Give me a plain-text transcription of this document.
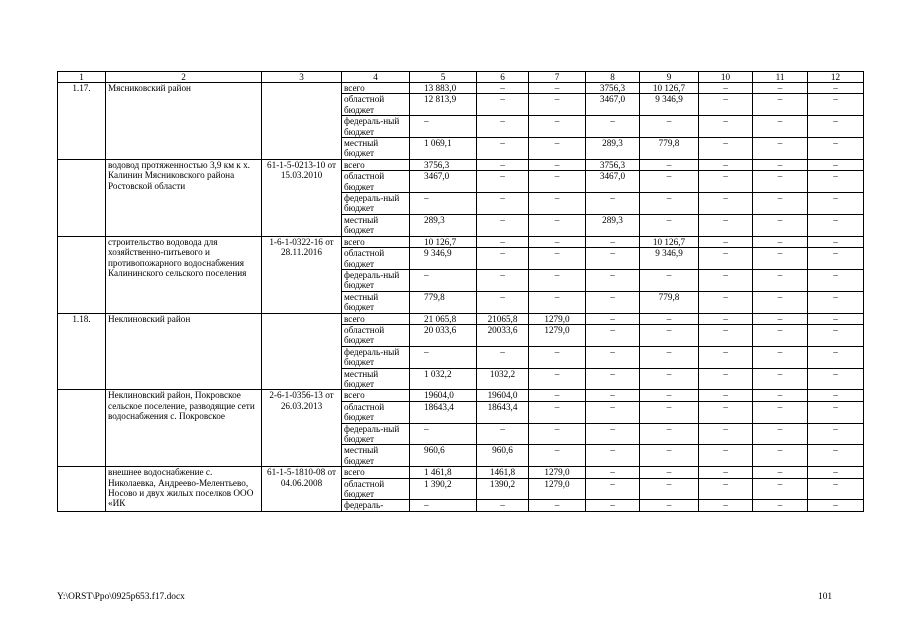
1	2	3	4	5	6	7	8	9	10	11	12
1.17.	Мясниковский район		всего	13 883,0	–	–	3756,3	10 126,7	–	–	–
			областной бюджет	12 813,9	–	–	3467,0	9 346,9	–	–	–
			федераль-ный бюджет	–	–	–	–	–	–	–	–
			местный бюджет	1 069,1	–	–	289,3	779,8	–	–	–
	водовод протяженностью 3,9 км к х. Калинин Мясниковского района Ростовской области	61-1-5-0213-10 от 15.03.2010	всего	3756,3	–	–	3756,3	–	–	–	–
			областной бюджет	3467,0	–	–	3467,0	–	–	–	–
			федераль-ный бюджет	–	–	–	–	–	–	–	–
			местный бюджет	289,3	–	–	289,3	–	–	–	–
	строительство водовода для хозяйственно-питьевого и противопожарного водоснабжения Калининского сельского поселения	1-6-1-0322-16 от 28.11.2016	всего	10 126,7	–	–	–	10 126,7	–	–	–
			областной бюджет	9 346,9	–	–	–	9 346,9	–	–	–
			федераль-ный бюджет	–	–	–	–	–	–	–	–
			местный бюджет	779,8	–	–	–	779,8	–	–	–
1.18.	Неклиновский район		всего	21 065,8	21065,8	1279,0	–	–	–	–	–
			областной бюджет	20 033,6	20033,6	1279,0	–	–	–	–	–
			федераль-ный бюджет	–	–	–	–	–	–	–	–
			местный бюджет	1 032,2	1032,2	–	–	–	–	–	–
	Неклиновский район, Покровское сельское поселение, разводящие сети водоснабжения с. Покровское	2-6-1-0356-13 от 26.03.2013	всего	19604,0	19604,0	–	–	–	–	–	–
			областной бюджет	18643,4	18643,4	–	–	–	–	–	–
			федераль-ный бюджет	–	–	–	–	–	–	–	–
			местный бюджет	960,6	960,6	–	–	–	–	–	–
	внешнее водоснабжение с. Николаевка, Андреево-Мелентьево, Носово и двух жилых поселков ООО «ИК	61-1-5-1810-08 от 04.06.2008	всего	1 461,8	1461,8	1279,0	–	–	–	–	–
			областной бюджет	1 390,2	1390,2	1279,0	–	–	–	–	–
			федераль-	–	–	–	–	–	–	–	–
Y:\ORST\Ppo\0925p653.f17.docx	101
